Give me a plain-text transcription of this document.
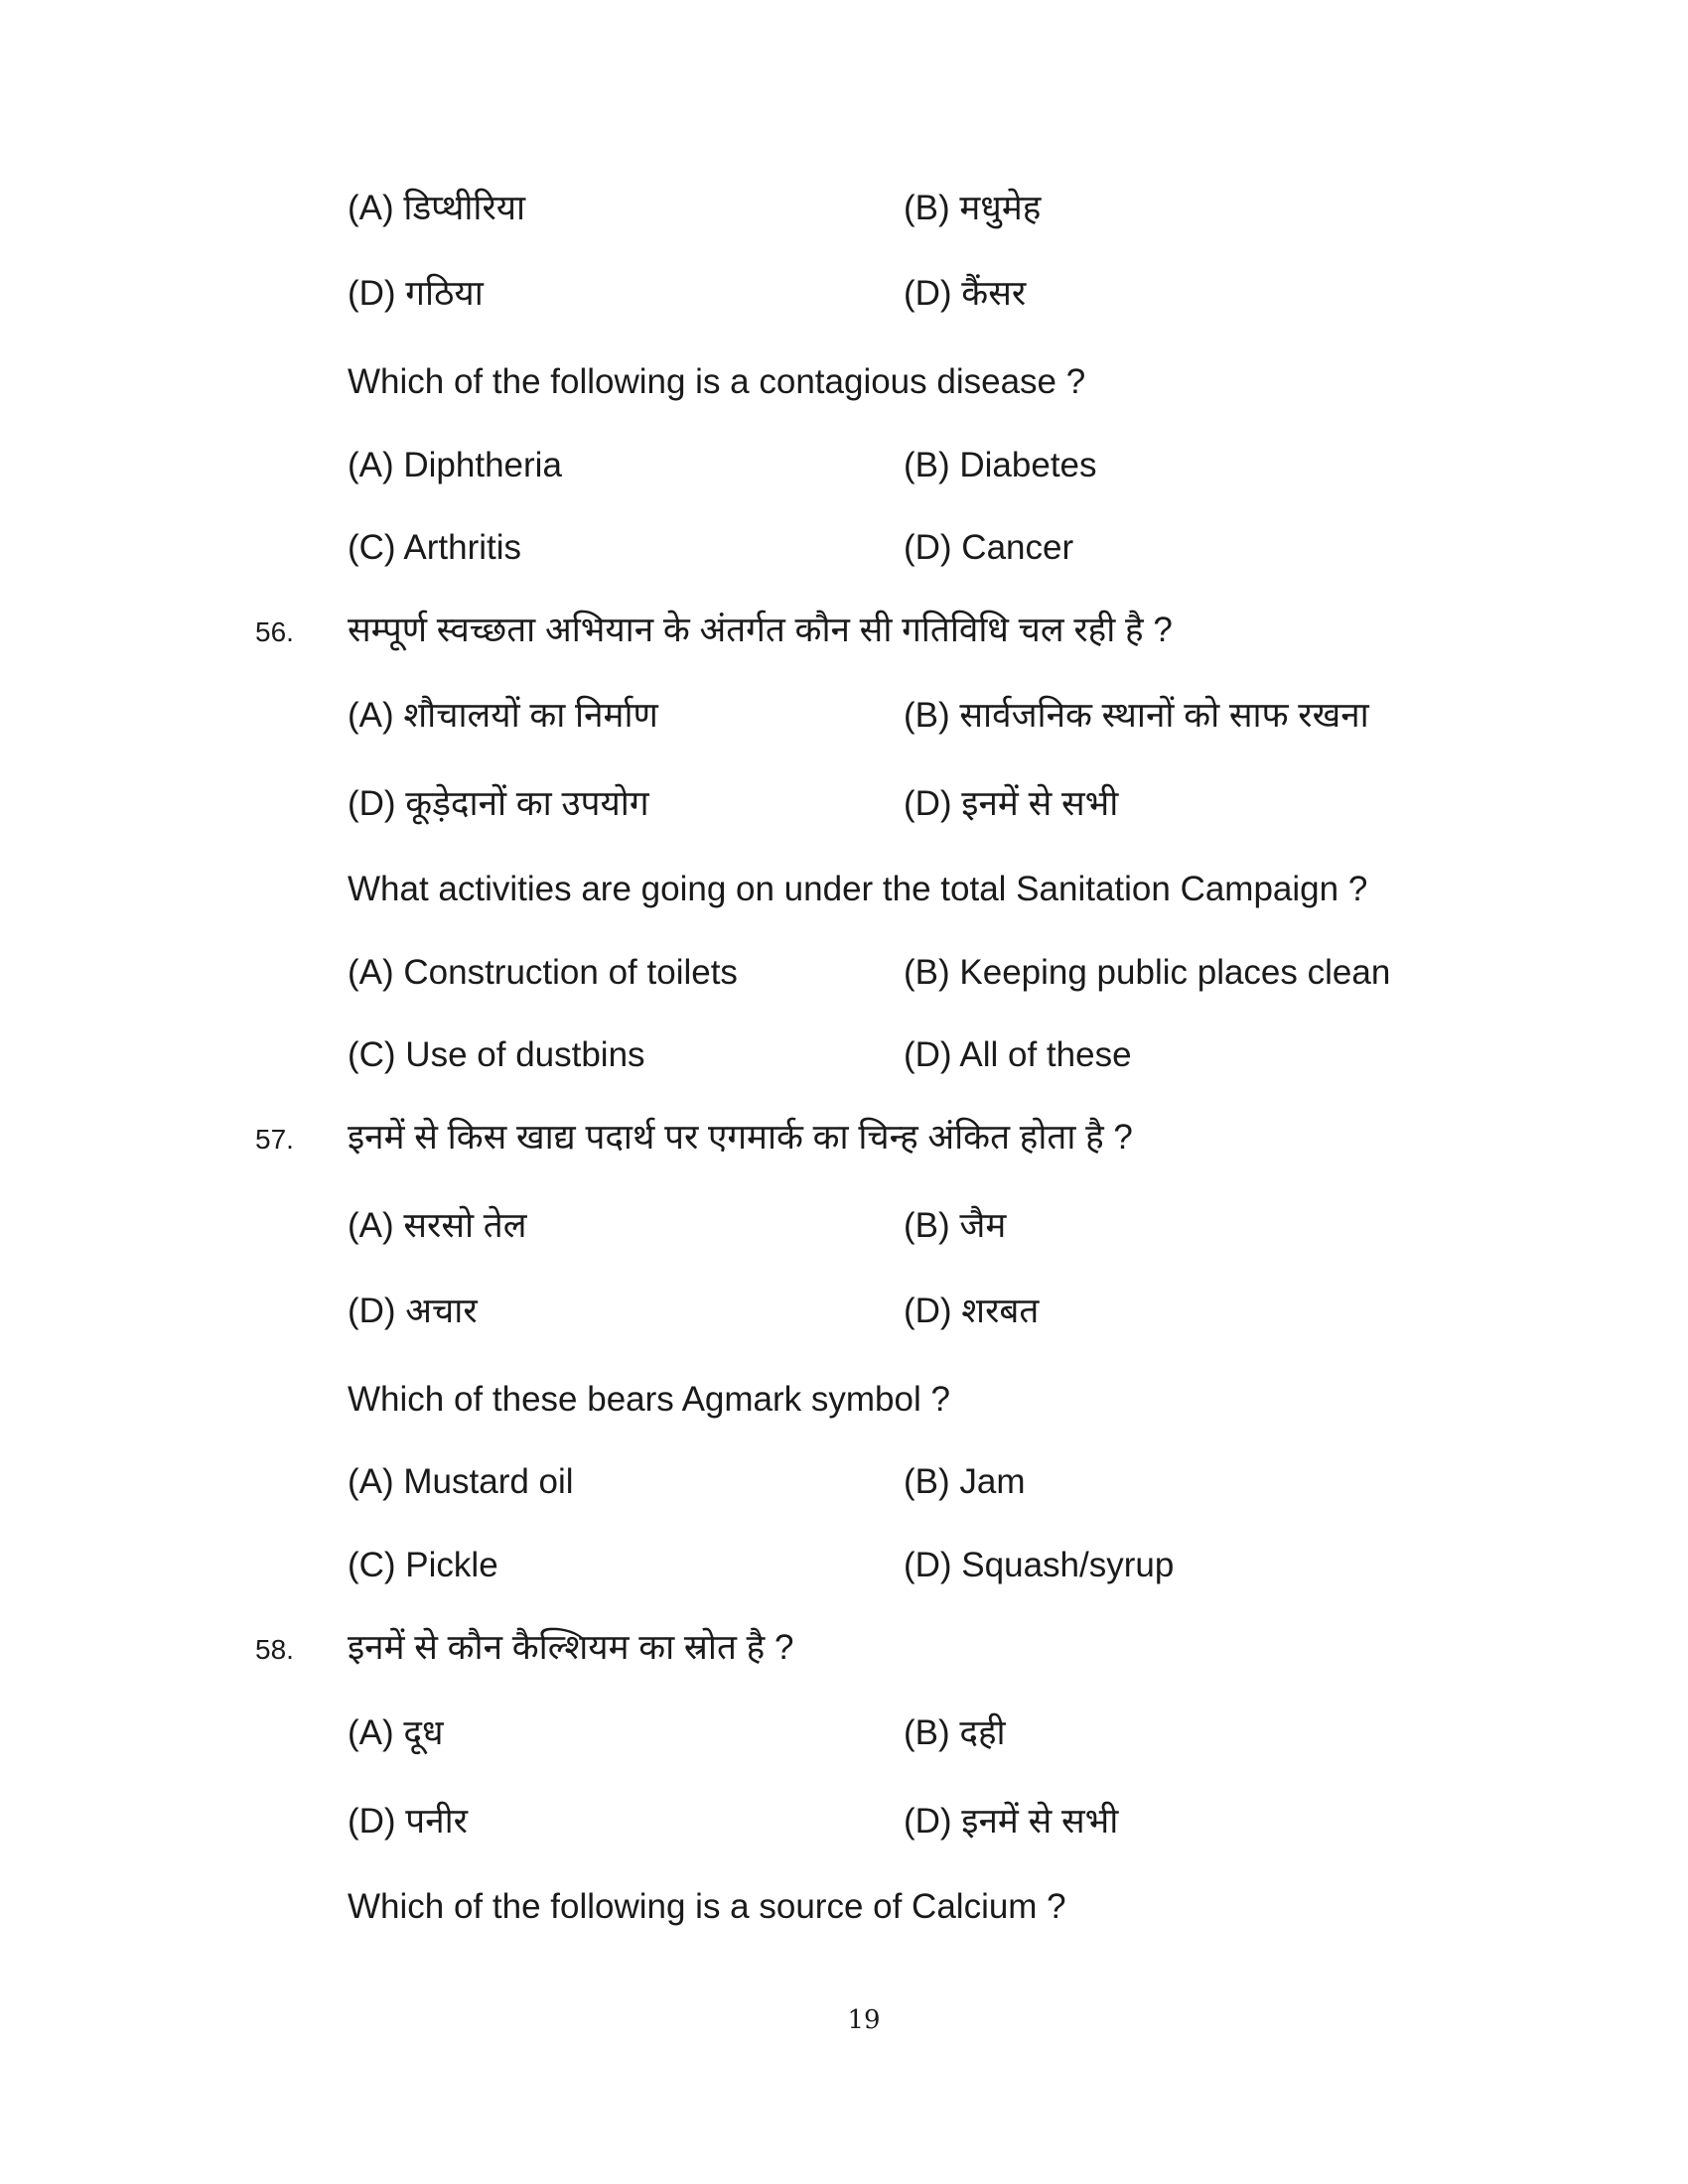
(A) डिप्थीरिया	(B) मधुमेह
(D) गठिया	(D) कैंसर
Which of the following is a contagious disease ?
(A) Diphtheria	(B) Diabetes
(C) Arthritis	(D) Cancer
56. सम्पूर्ण स्वच्छता अभियान के अंतर्गत कौन सी गतिविधि चल रही है ?
(A) शौचालयों का निर्माण	(B) सार्वजनिक स्थानों को साफ रखना
(D) कूड़ेदानों का उपयोग	(D) इनमें से सभी
What activities are going on under the total Sanitation Campaign ?
(A) Construction of toilets	(B) Keeping public places clean
(C) Use of dustbins	(D) All of these
57. इनमें से किस खाद्य पदार्थ पर एगमार्क का चिन्ह अंकित होता है ?
(A) सरसो तेल	(B) जैम
(D) अचार	(D) शरबत
Which of these bears Agmark symbol ?
(A) Mustard oil	(B) Jam
(C) Pickle	(D) Squash/syrup
58. इनमें से कौन कैल्शियम का स्रोत है ?
(A) दूध	(B) दही
(D) पनीर	(D) इनमें से सभी
Which of the following is a source of Calcium ?
19
